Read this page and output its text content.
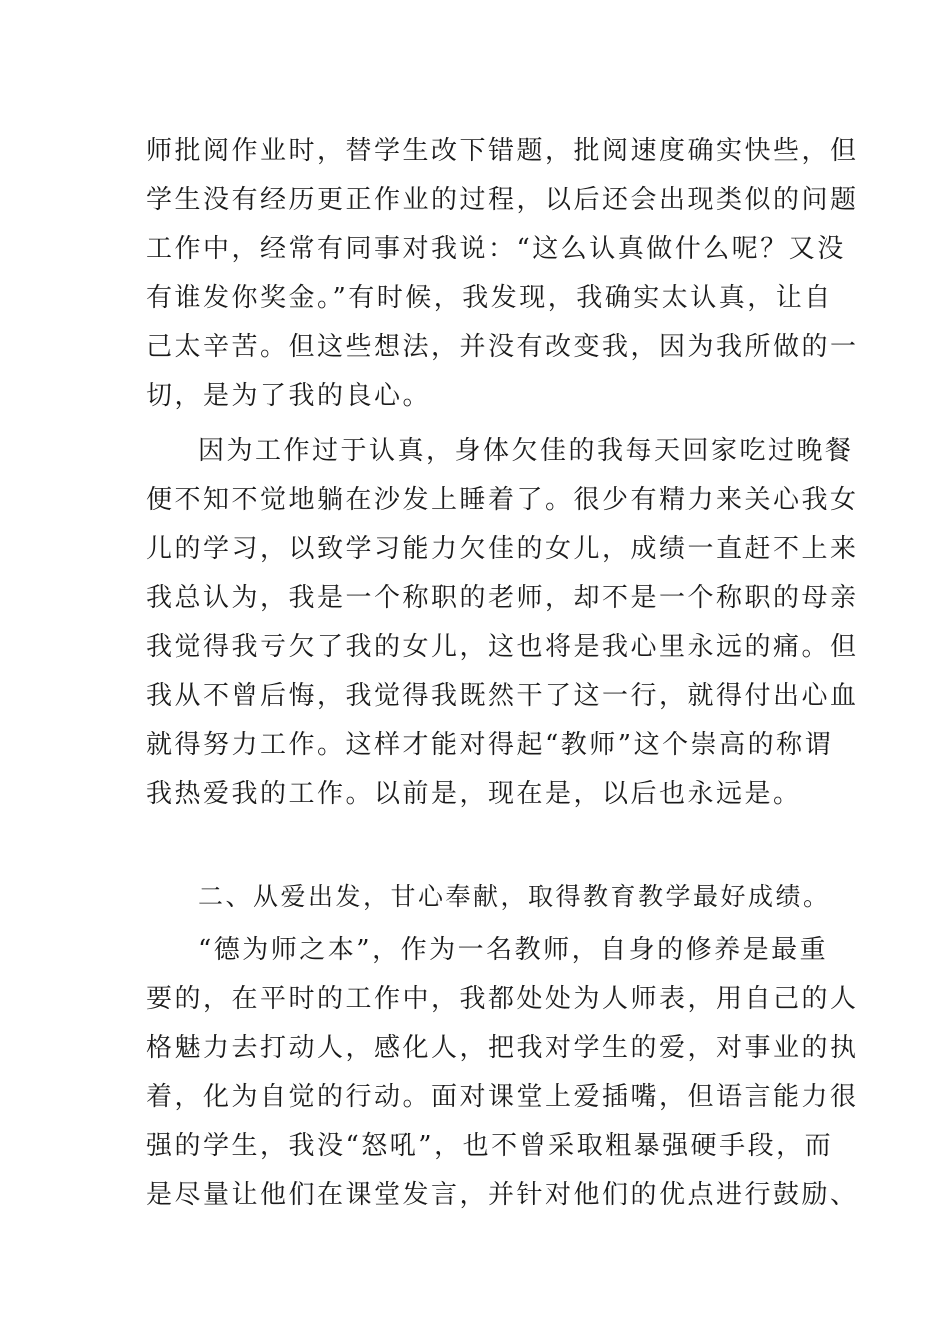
师批阅作业时，替学生改下错题，批阅速度确实快些，但
学生没有经历更正作业的过程，以后还会出现类似的问题
工作中，经常有同事对我说：“这么认真做什么呢？又没
有谁发你奖金。”有时候，我发现，我确实太认真，让自
己太辛苦。但这些想法，并没有改变我，因为我所做的一
切，是为了我的良心。
因为工作过于认真，身体欠佳的我每天回家吃过晚餐
便不知不觉地躺在沙发上睡着了。很少有精力来关心我女
儿的学习，以致学习能力欠佳的女儿，成绩一直赶不上来
我总认为，我是一个称职的老师，却不是一个称职的母亲
我觉得我亏欠了我的女儿，这也将是我心里永远的痛。但
我从不曾后悔，我觉得我既然干了这一行，就得付出心血
就得努力工作。这样才能对得起“教师”这个崇高的称谓
我热爱我的工作。以前是，现在是，以后也永远是。
二、从爱出发，甘心奉献，取得教育教学最好成绩。
“德为师之本”，作为一名教师，自身的修养是最重
要的，在平时的工作中，我都处处为人师表，用自己的人
格魅力去打动人，感化人，把我对学生的爱，对事业的执
着，化为自觉的行动。面对课堂上爱插嘴，但语言能力很
强的学生，我没“怒吼”，也不曾采取粗暴强硬手段，而
是尽量让他们在课堂发言，并针对他们的优点进行鼓励、
